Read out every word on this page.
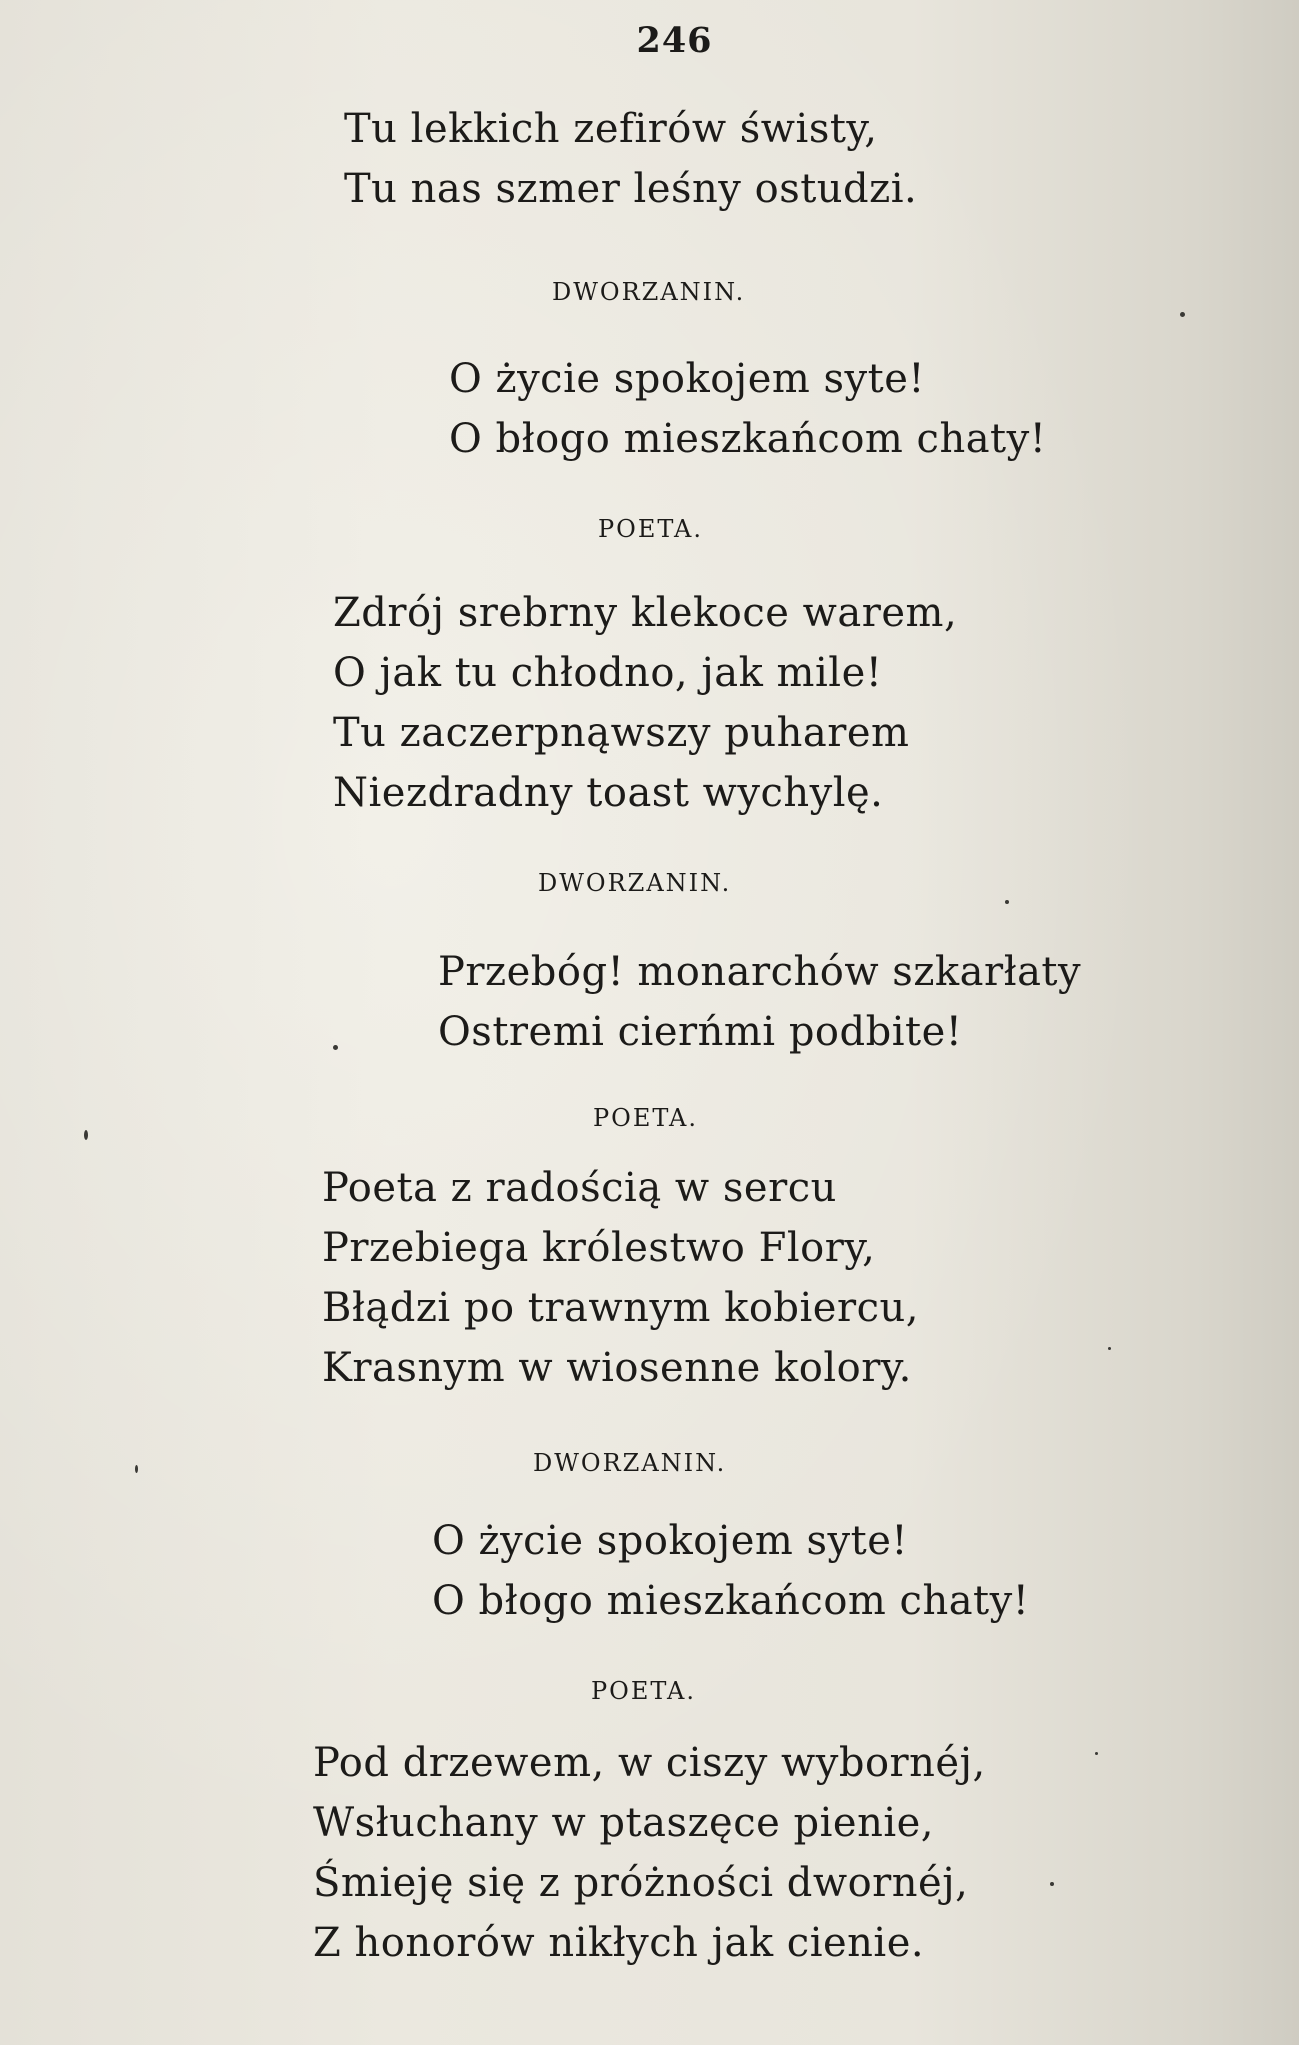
246
Tu lekkich zefirów świsty,
Tu nas szmer leśny ostudzi.
DWORZANIN.
O życie spokojem syte!
O błogo mieszkańcom chaty!
POETA.
Zdrój srebrny klekoce warem,
O jak tu chłodno, jak mile!
Tu zaczerpnąwszy puharem
Niezdradny toast wychylę.
DWORZANIN.
Przebóg! monarchów szkarłaty
Ostremi cierńmi podbite!
POETA.
Poeta z radością w sercu
Przebiega królestwo Flory,
Błądzi po trawnym kobiercu,
Krasnym w wiosenne kolory.
DWORZANIN.
O życie spokojem syte!
O błogo mieszkańcom chaty!
POETA.
Pod drzewem, w ciszy wybornéj,
Wsłuchany w ptaszęce pienie,
Śmieję się z próżności dwornéj,
Z honorów nikłych jak cienie.
